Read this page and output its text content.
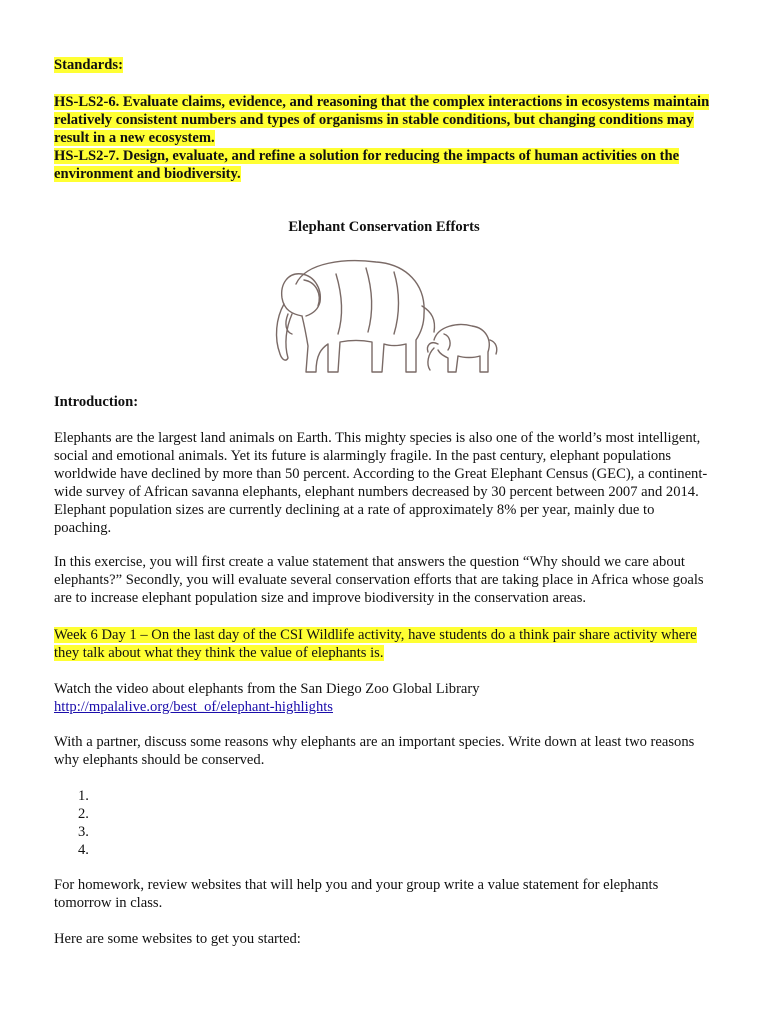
Standards:
HS-LS2-6. Evaluate claims, evidence, and reasoning that the complex interactions in ecosystems maintain relatively consistent numbers and types of organisms in stable conditions, but changing conditions may result in a new ecosystem.
HS-LS2-7. Design, evaluate, and refine a solution for reducing the impacts of human activities on the environment and biodiversity.
Elephant Conservation Efforts
Introduction:

Elephants are the largest land animals on Earth. This mighty species is also one of the world’s most intelligent, social and emotional animals. Yet its future is alarmingly fragile. In the past century, elephant populations worldwide have declined by more than 50 percent. According to the Great Elephant Census (GEC), a continent-wide survey of African savanna elephants, elephant numbers decreased by 30 percent between 2007 and 2014. Elephant population sizes are currently declining at a rate of approximately 8% per year, mainly due to poaching.

In this exercise, you will first create a value statement that answers the question “Why should we care about elephants?” Secondly, you will evaluate several conservation efforts that are taking place in Africa whose goals are to increase elephant population size and improve biodiversity in the conservation areas.

Week 6 Day 1 – On the last day of the CSI Wildlife activity, have students do a think pair share activity where they talk about what they think the value of elephants is.

Watch the video about elephants from the San Diego Zoo Global Library
http://mpalalive.org/best_of/elephant-highlights

With a partner, discuss some reasons why elephants are an important species. Write down at least two reasons why elephants should be conserved.

1.
2.
3.
4.

For homework, review websites that will help you and your group write a value statement for elephants tomorrow in class.

Here are some websites to get you started:
